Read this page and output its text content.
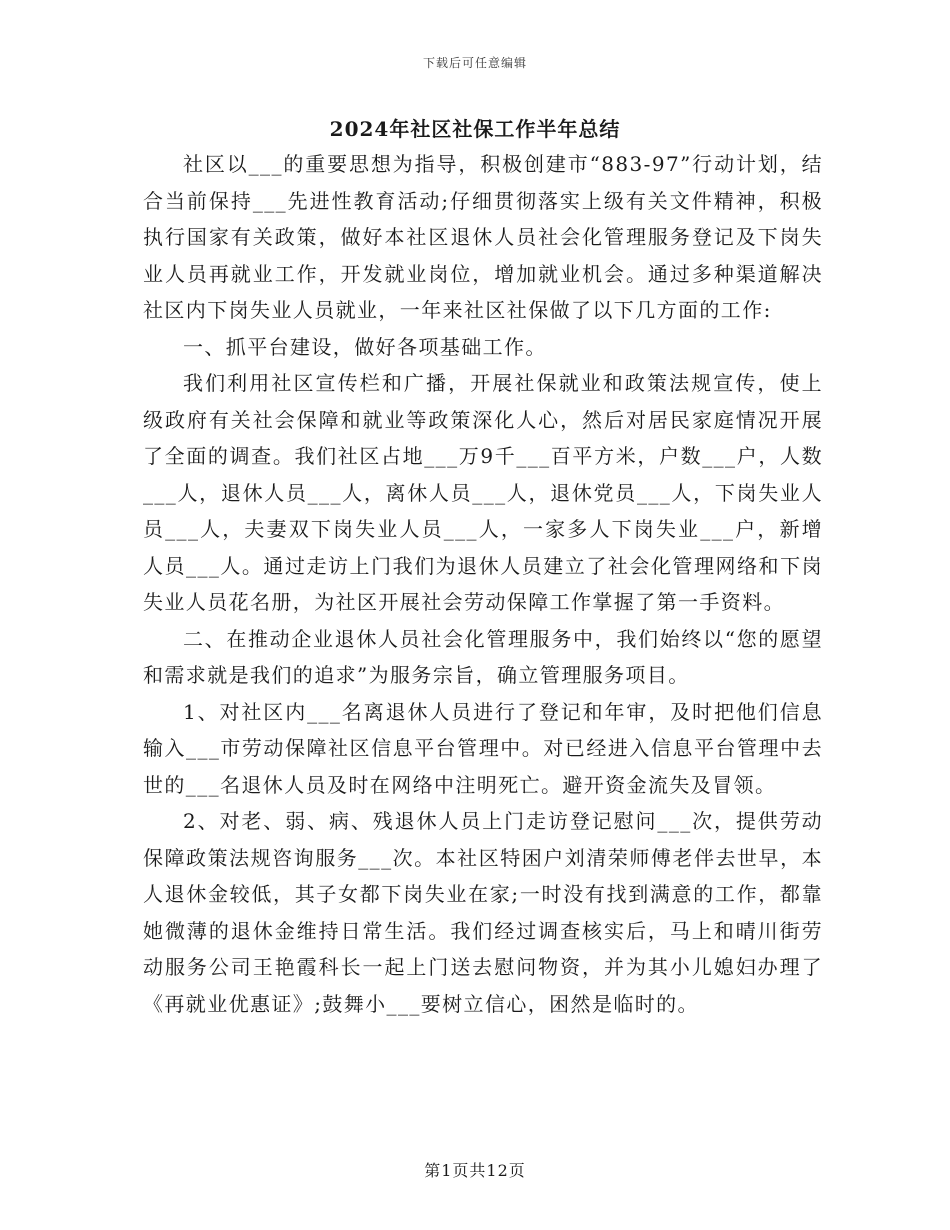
下载后可任意编辑
2024年社区社保工作半年总结

社区以___的重要思想为指导，积极创建市“883-97”行动计划，结合当前保持___先进性教育活动;仔细贯彻落实上级有关文件精神，积极执行国家有关政策，做好本社区退休人员社会化管理服务登记及下岗失业人员再就业工作，开发就业岗位，增加就业机会。通过多种渠道解决社区内下岗失业人员就业，一年来社区社保做了以下几方面的工作:

一、抓平台建设，做好各项基础工作。

我们利用社区宣传栏和广播，开展社保就业和政策法规宣传，使上级政府有关社会保障和就业等政策深化人心，然后对居民家庭情况开展了全面的调查。我们社区占地___万9千___百平方米，户数___户，人数___人，退休人员___人，离休人员___人，退休党员___人，下岗失业人员___人，夫妻双下岗失业人员___人，一家多人下岗失业___户，新增人员___人。通过走访上门我们为退休人员建立了社会化管理网络和下岗失业人员花名册，为社区开展社会劳动保障工作掌握了第一手资料。

二、在推动企业退休人员社会化管理服务中，我们始终以“您的愿望和需求就是我们的追求”为服务宗旨，确立管理服务项目。

1、对社区内___名离退休人员进行了登记和年审，及时把他们信息输入___市劳动保障社区信息平台管理中。对已经进入信息平台管理中去世的___名退休人员及时在网络中注明死亡。避开资金流失及冒领。

2、对老、弱、病、残退休人员上门走访登记慰问___次，提供劳动保障政策法规咨询服务___次。本社区特困户刘清荣师傅老伴去世早，本人退休金较低，其子女都下岗失业在家;一时没有找到满意的工作，都靠她微薄的退休金维持日常生活。我们经过调查核实后，马上和晴川街劳动服务公司王艳霞科长一起上门送去慰问物资，并为其小儿媳妇办理了《再就业优惠证》;鼓舞小___要树立信心，困然是临时的。

第1页共12页
